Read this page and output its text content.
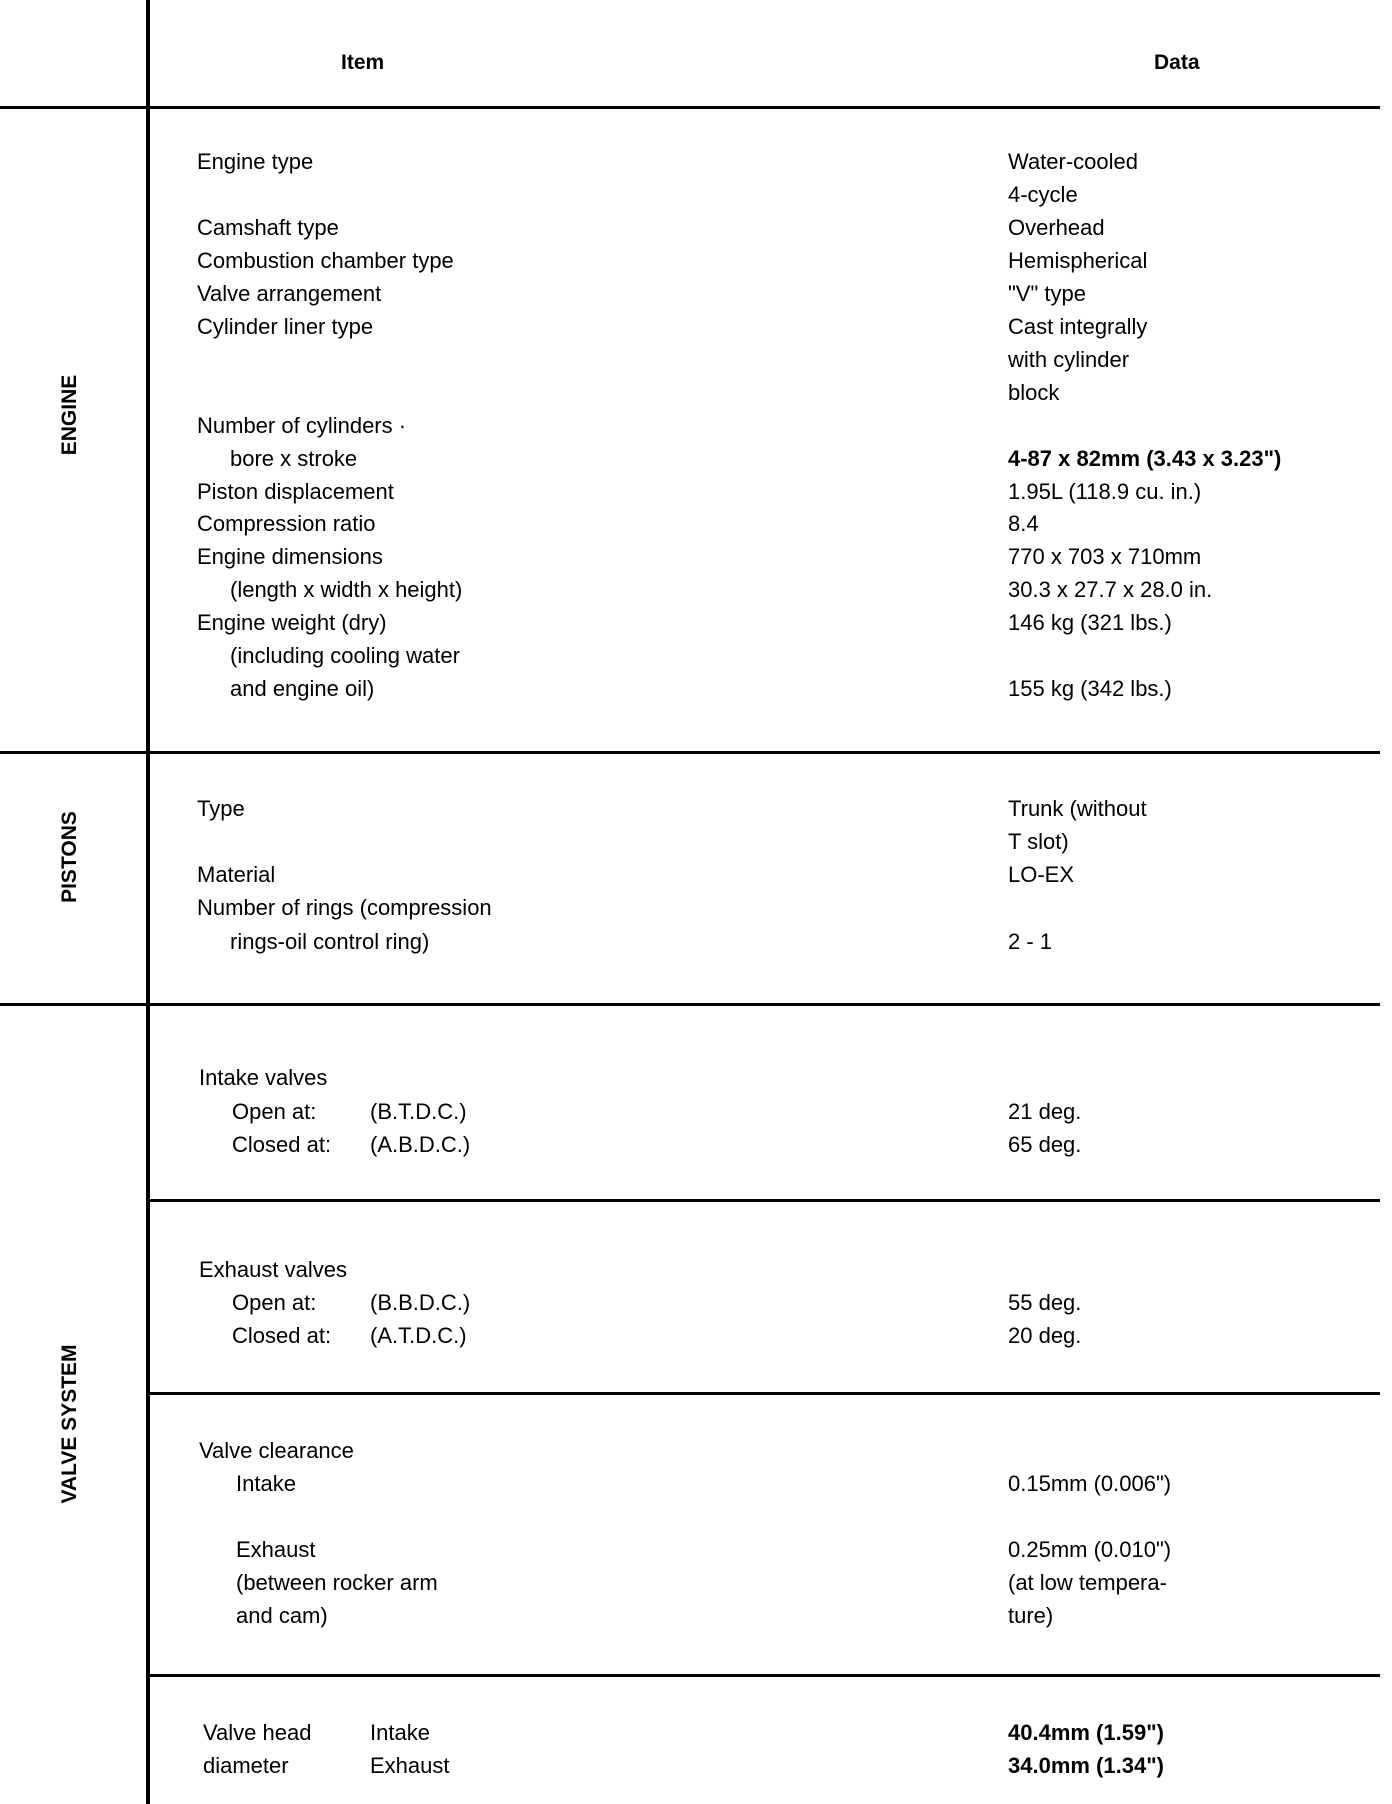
Item	Data
ENGINE
PISTONS
VALVE SYSTEM
Engine type	Water-cooled
4-cycle
Camshaft type	Overhead
Combustion chamber type	Hemispherical
Valve arrangement	"V" type
Cylinder liner type	Cast integrally
with cylinder
block
Number of cylinders ·
bore x stroke	4-87 x 82mm (3.43 x 3.23")
Piston displacement	1.95L (118.9 cu. in.)
Compression ratio	8.4
Engine dimensions	770 x 703 x 710mm
(length x width x height)	30.3 x 27.7 x 28.0 in.
Engine weight (dry)	146 kg (321 lbs.)
(including cooling water
and engine oil)	155 kg (342 lbs.)
Type	Trunk (without
T slot)
Material	LO-EX
Number of rings (compression
rings-oil control ring)	2 - 1
Intake valves
Open at: (B.T.D.C.)	21 deg.
Closed at: (A.B.D.C.)	65 deg.
Exhaust valves
Open at: (B.B.D.C.)	55 deg.
Closed at: (A.T.D.C.)	20 deg.
Valve clearance
Intake	0.15mm (0.006")
Exhaust	0.25mm (0.010")
(between rocker arm	(at low tempera-
and cam)	ture)
Valve head	Intake	40.4mm (1.59")
diameter	Exhaust	34.0mm (1.34")
